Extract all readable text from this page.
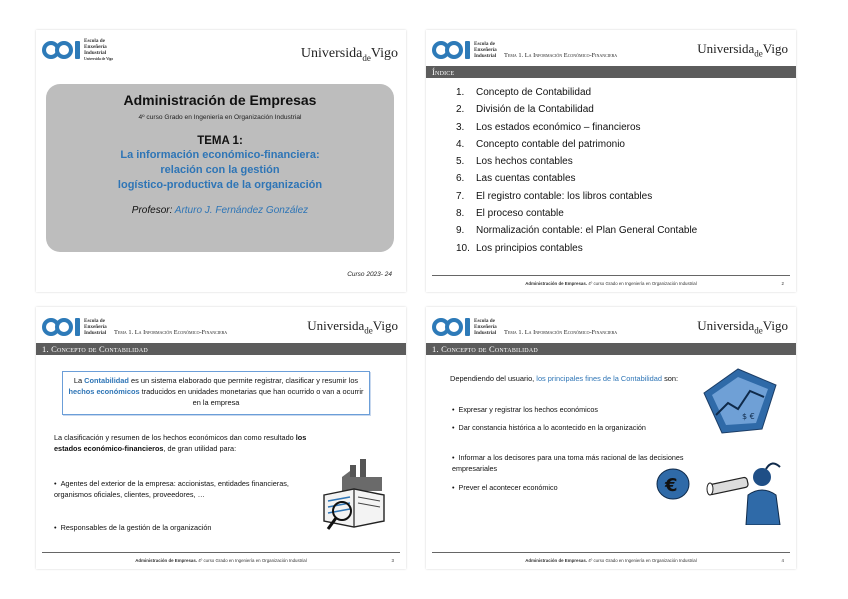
Escola de
Enxeñería
Industrial
Universida de Vigo	Universida$_{de}$Vigo
Administración de Empresas
4º curso Grado en Ingeniería en Organización Industrial
TEMA 1:
La información económico-financiera:
relación con la gestión
logístico-productiva de la organización
Profesor: Arturo J. Fernández González
Curso 2023- 24
Escola de
Enxeñería
Industrial Tema 1. La Información Económico-Financiera	Universida$_{de}$Vigo
Índice
1. Concepto de Contabilidad
2. División de la Contabilidad
3. Los estados económico – financieros
4. Concepto contable del patrimonio
5. Los hechos contables
6. Las cuentas contables
7. El registro contable: los libros contables
8. El proceso contable
9. Normalización contable: el Plan General Contable
10. Los principios contables
Administración de Empresas. 4º curso Grado en Ingeniería en Organización Industrial	2
Escola de
Enxeñería
Industrial Tema 1. La Información Económico-Financiera	Universida$_{de}$Vigo
1. Concepto de Contabilidad
La Contabilidad es un sistema elaborado que permite registrar, clasificar y resumir los hechos económicos traducidos en unidades monetarias que han ocurrido o van a ocurrir en la empresa
La clasificación y resumen de los hechos económicos dan como resultado los estados económico-financieros, de gran utilidad para:
• Agentes del exterior de la empresa: accionistas, entidades financieras, organismos oficiales, clientes, proveedores, …
• Responsables de la gestión de la organización
Administración de Empresas. 4º curso Grado en Ingeniería en Organización Industrial	3
Escola de
Enxeñería
Industrial Tema 1. La Información Económico-Financiera	Universida$_{de}$Vigo
1. Concepto de Contabilidad
Dependiendo del usuario, los principales fines de la Contabilidad son:
• Expresar y registrar los hechos económicos
• Dar constancia histórica a lo acontecido en la organización
• Informar a los decisores para una toma más racional de las decisiones empresariales
• Prever el acontecer económico
$ €
€
Administración de Empresas. 4º curso Grado en Ingeniería en Organización Industrial	4
